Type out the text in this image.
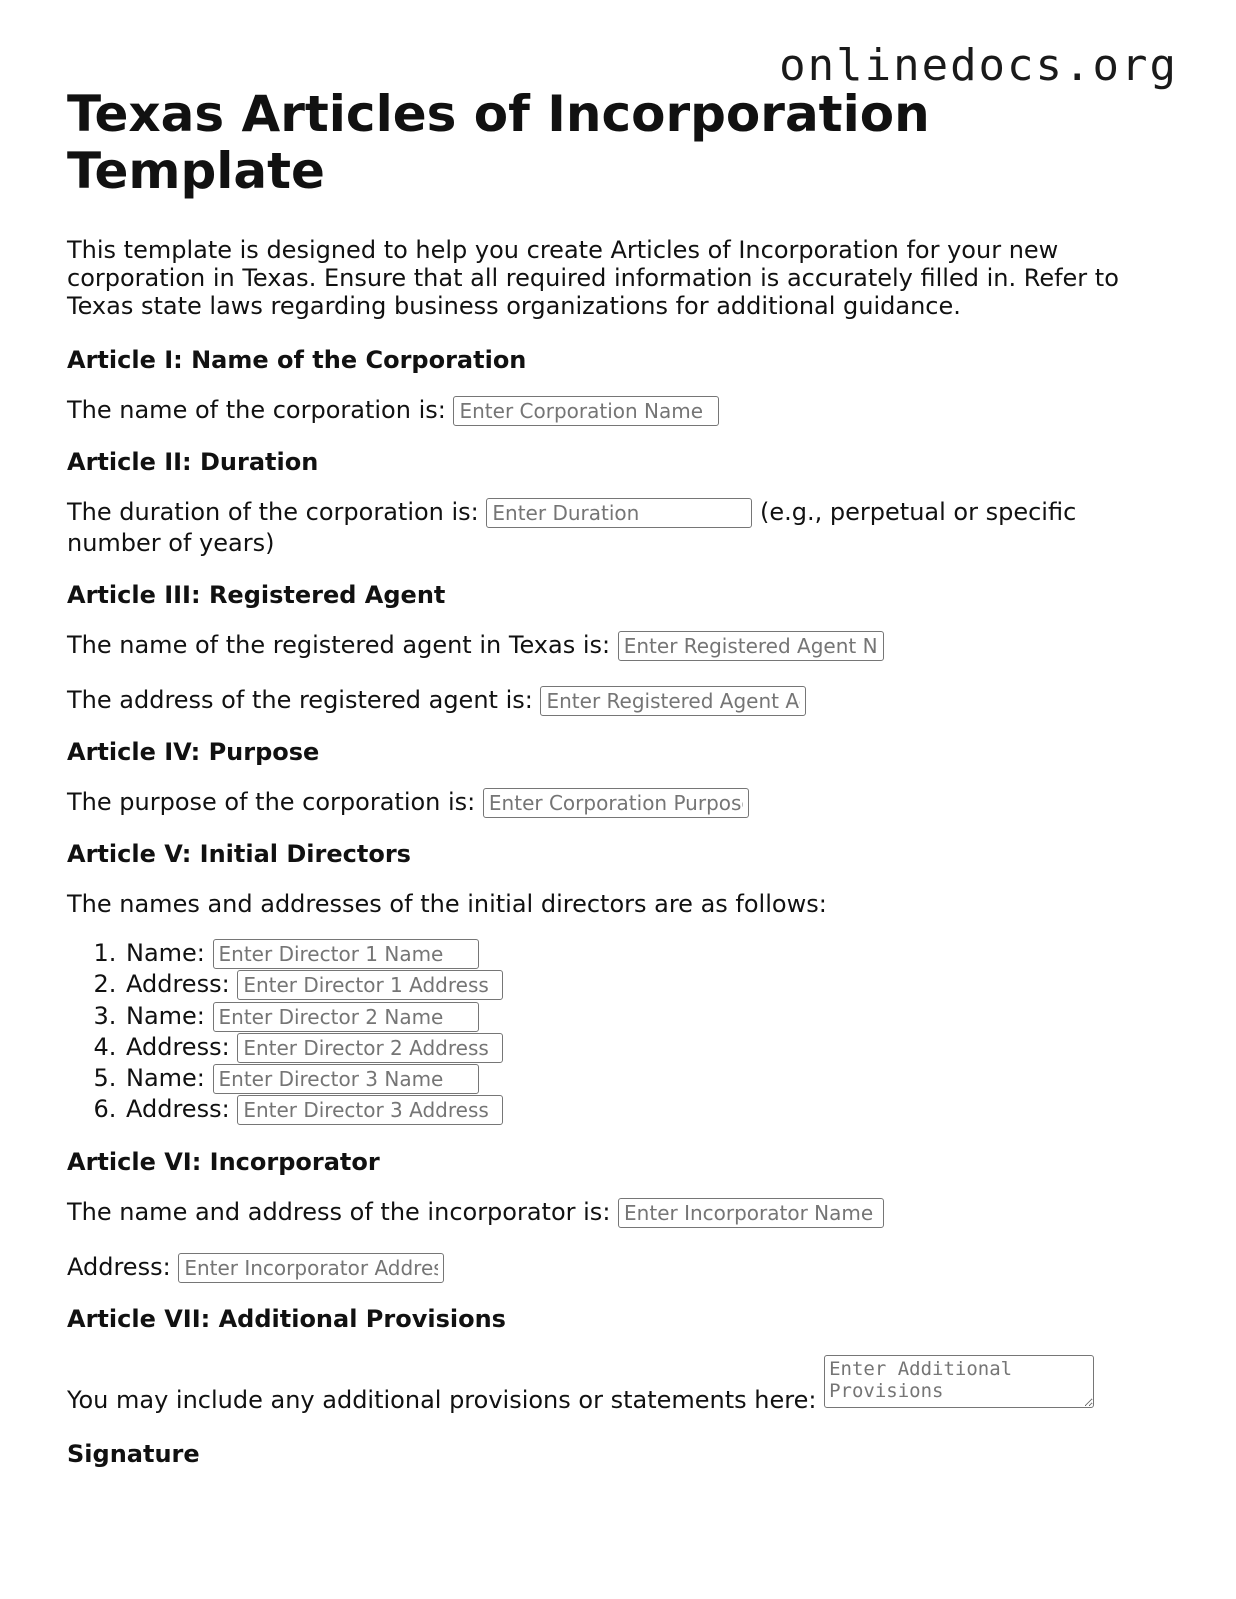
onlinedocs.org
Texas Articles of Incorporation Template

This template is designed to help you create Articles of Incorporation for your new corporation in Texas. Ensure that all required information is accurately filled in. Refer to Texas state laws regarding business organizations for additional guidance.

Article I: Name of the Corporation

The name of the corporation is: Enter Corporation Name

Article II: Duration

The duration of the corporation is: Enter Duration	(e.g., perpetual or specific number of years)

Article III: Registered Agent

The name of the registered agent in Texas is: Enter Registered Agent Name

The address of the registered agent is: Enter Registered Agent Address

Article IV: Purpose

The purpose of the corporation is: Enter Corporation Purpose

Article V: Initial Directors

The names and addresses of the initial directors are as follows:

1. Name: Enter Director 1 Name
2. Address: Enter Director 1 Address
3. Name: Enter Director 2 Name
4. Address: Enter Director 2 Address
5. Name: Enter Director 3 Name
6. Address: Enter Director 3 Address
Article VI: Incorporator

The name and address of the incorporator is: Enter Incorporator Name

Address: Enter Incorporator Address

Article VII: Additional Provisions

You may include any additional provisions or statements here: Enter Additional Provisions

Signature
